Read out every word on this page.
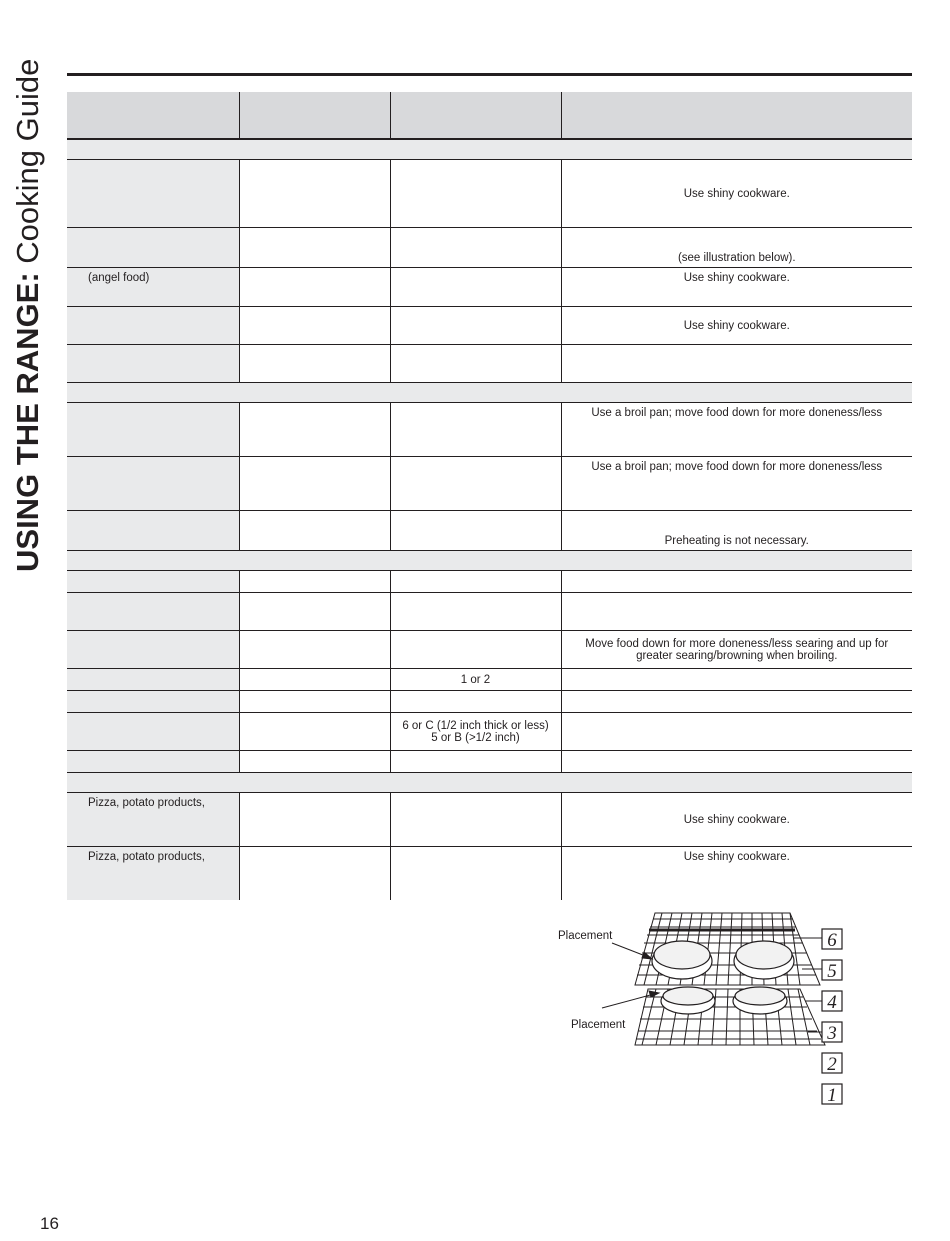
USING THE RANGE: Cooking Guide

				Use shiny cookware.

			(see illustration below).

(angel food)			Use shiny cookware.

			Use shiny cookware.

			Use a broil pan; move food down for more doneness/less

			Use a broil pan; move food down for more doneness/less

			Preheating is not necessary.

			Move food down for more doneness/less searing and up for greater searing/browning when broiling.

		1 or 2	

		6 or C (1/2 inch thick or less)
5 or B (>1/2 inch)	

Pizza, potato products,			Use shiny cookware.

Pizza, potato products,			Use shiny cookware.
Placement
Placement
6
5
4
3
2
1
16
